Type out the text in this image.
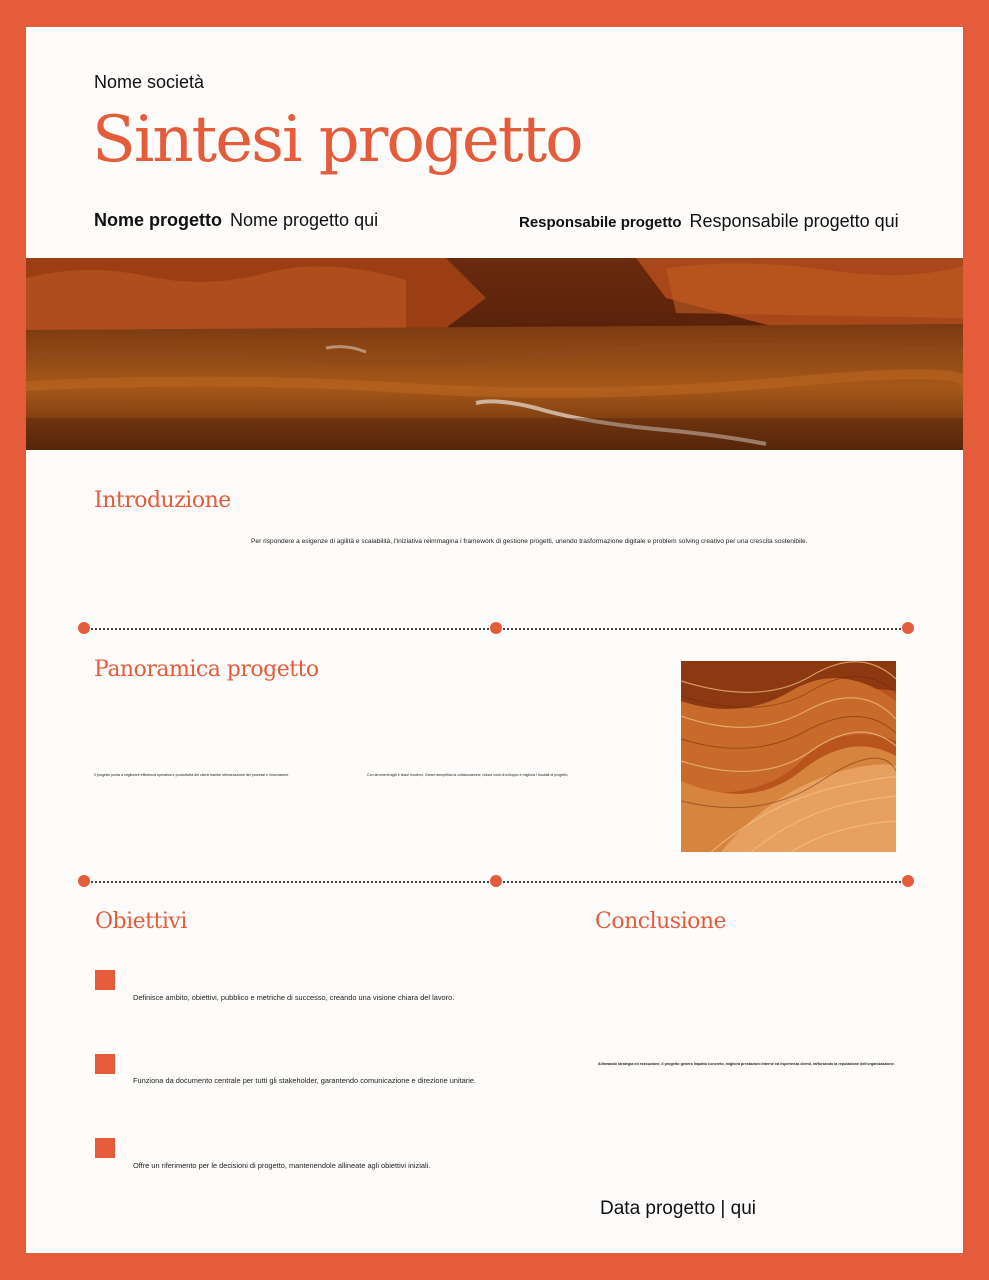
Nome società
Sintesi progetto
Nome progetto Nome progetto qui	Responsabile progetto Responsabile progetto qui
Introduzione
Per rispondere a esigenze di agilità e scalabilità, l'iniziativa reimmagina i framework di gestione progetti, unendo trasformazione digitale e problem solving creativo per una crescita sostenibile.
Panoramica progetto
Il progetto punta a migliorare efficienza operativa e produttività dei clienti tramite ottimizzazione dei processi e innovazione.	Con strumenti agili e flussi moderni, il team semplifica la collaborazione, riduce costi di sviluppo e migliora i risultati di progetto.
Obiettivi
Definisce ambito, obiettivi, pubblico e metriche di successo, creando una visione chiara del lavoro.
Funziona da documento centrale per tutti gli stakeholder, garantendo comunicazione e direzione unitarie.
Offre un riferimento per le decisioni di progetto, mantenendole allineate agli obiettivi iniziali.
Conclusione
Allineando strategia ed esecuzione, il progetto genera impatto concreto, migliora prestazioni interne ed esperienza clienti, rafforzando la reputazione dell'organizzazione.
Data progetto | qui
